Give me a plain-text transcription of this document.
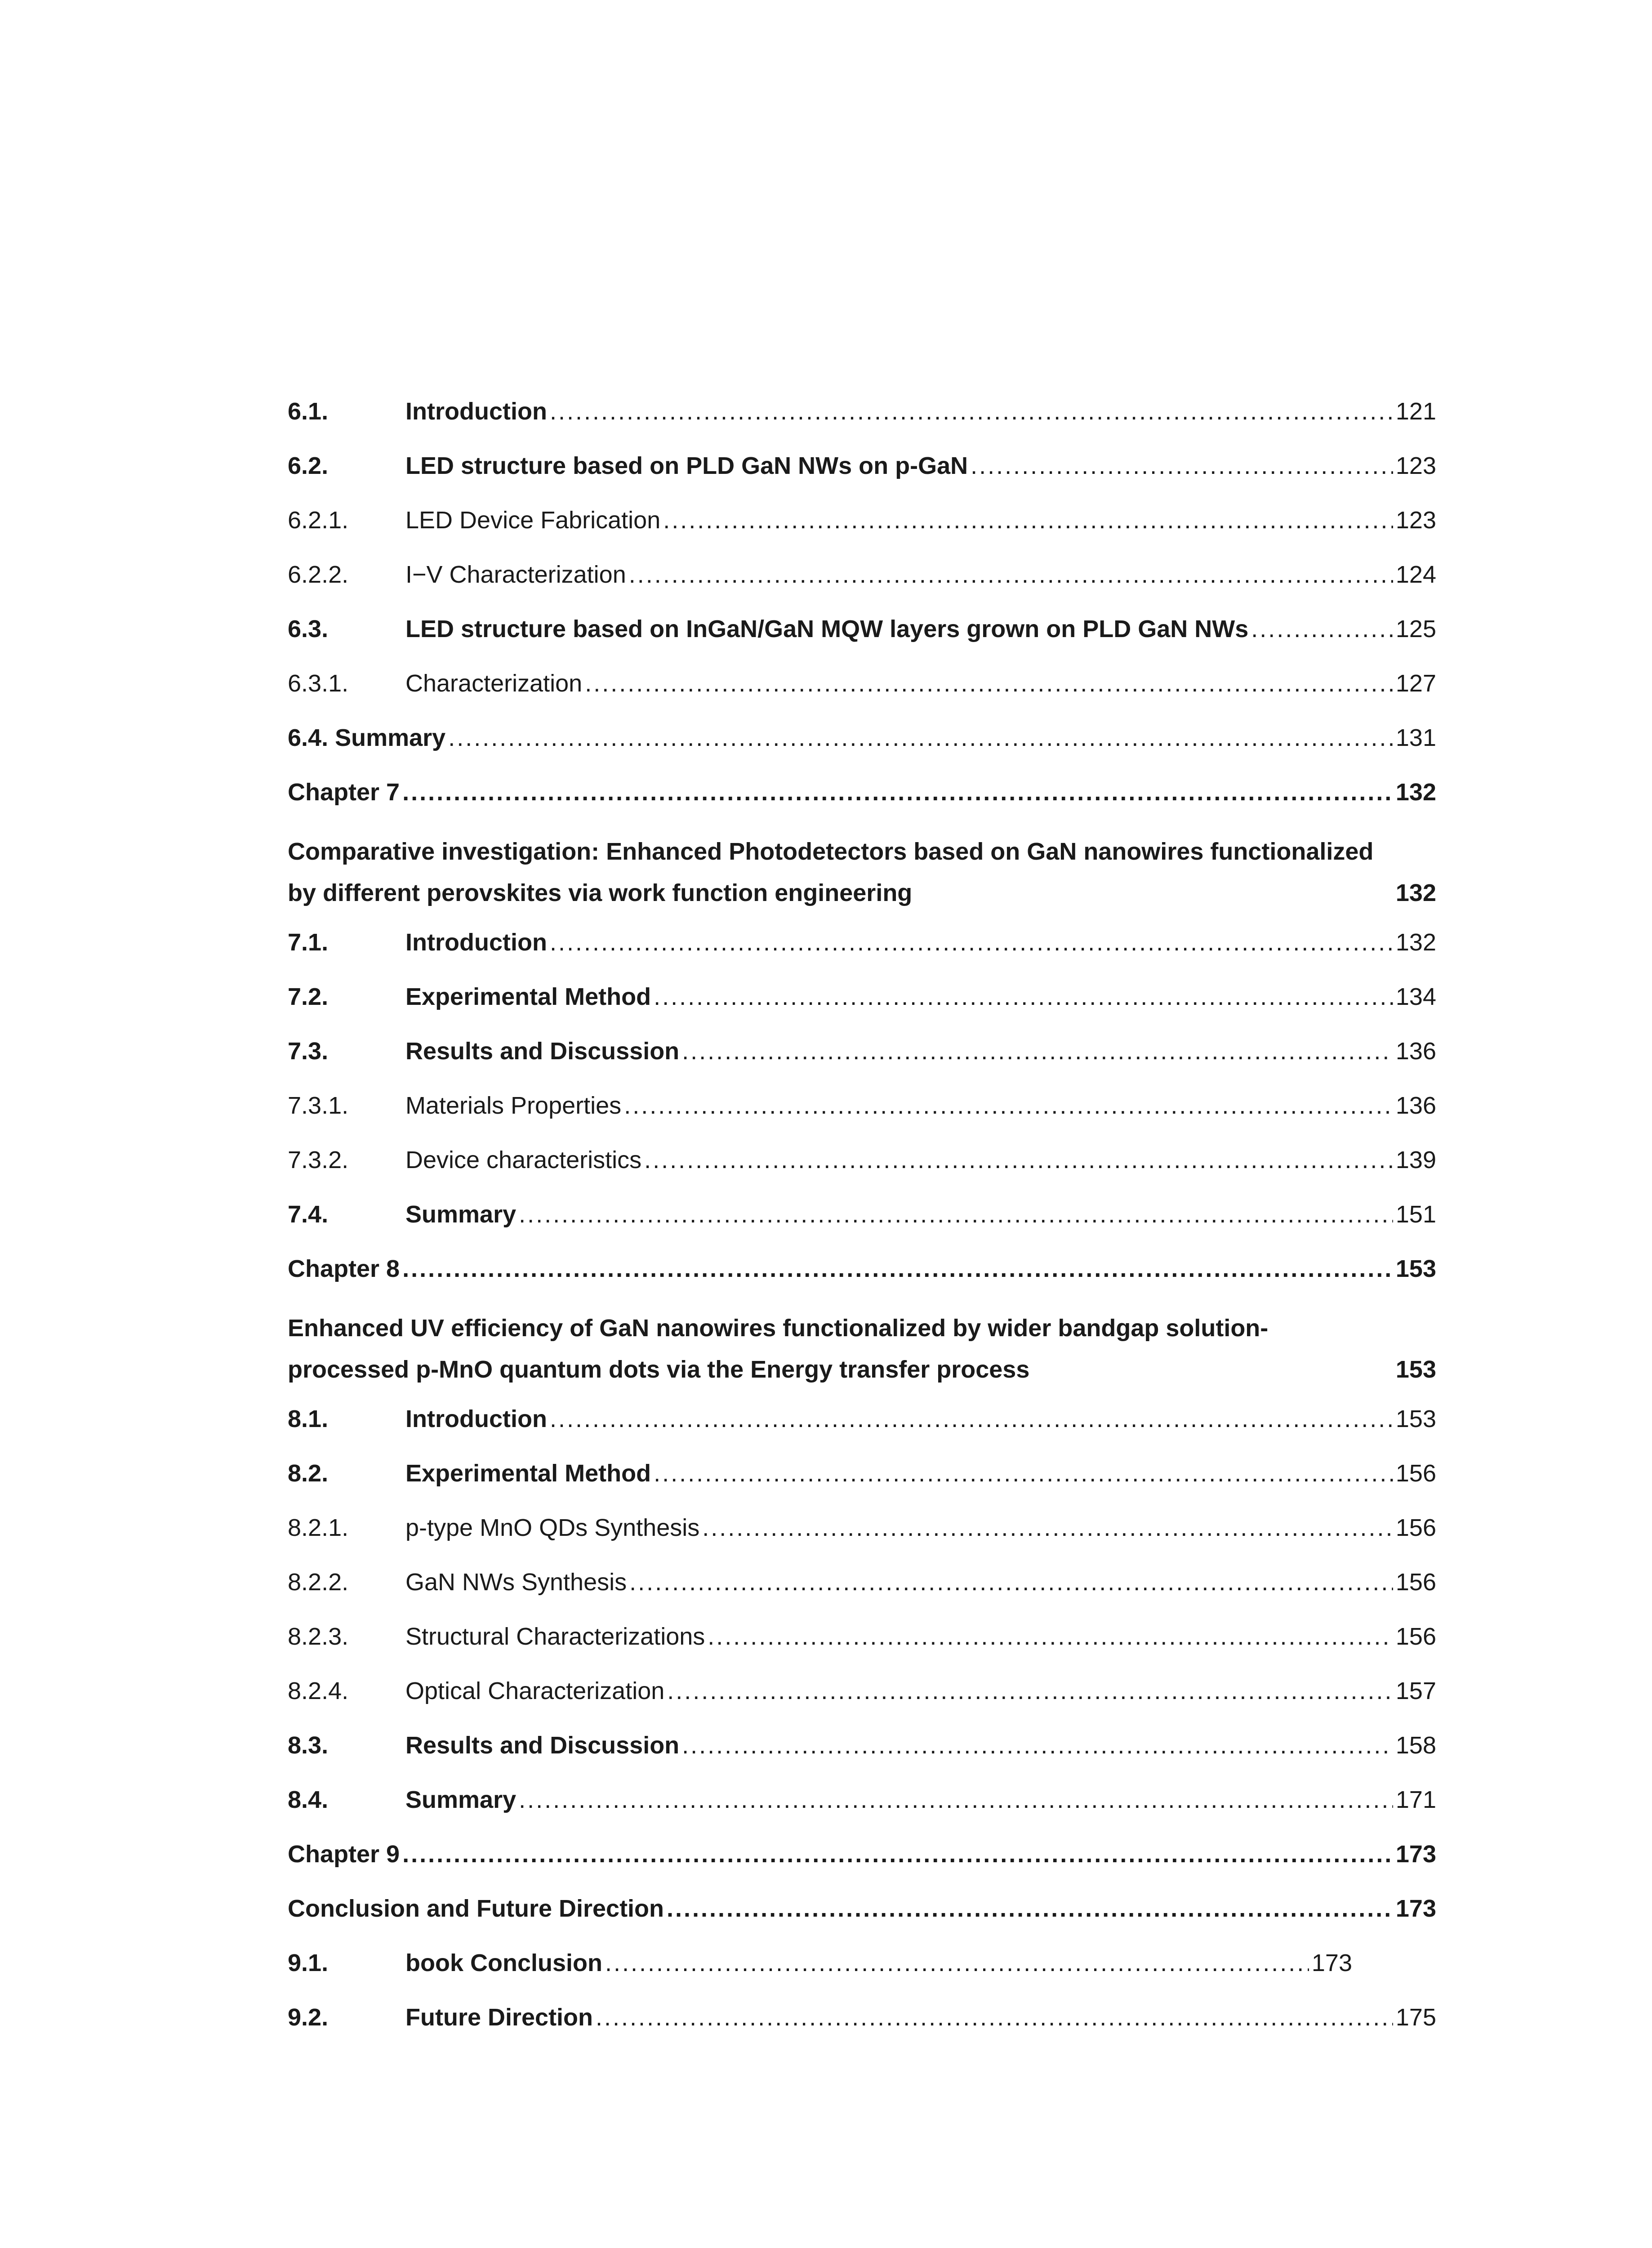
6.1.	Introduction .....	121
6.2.	LED structure based on PLD GaN NWs on p-GaN .....	123
6.2.1.	LED Device Fabrication .....	123
6.2.2.	I−V Characterization .....	124
6.3.	LED structure based on InGaN/GaN MQW layers grown on PLD GaN NWs .....	125
6.3.1.	Characterization .....	127
6.4. Summary .....	131
Chapter 7 .....	132
Comparative investigation: Enhanced Photodetectors based on GaN nanowires functionalized
by different perovskites via work function engineering	132
7.1.	Introduction .....	132
7.2.	Experimental Method .....	134
7.3.	Results and Discussion .....	136
7.3.1.	Materials Properties .....	136
7.3.2.	Device characteristics .....	139
7.4.	Summary .....	151
Chapter 8 .....	153
Enhanced UV efficiency of GaN nanowires functionalized by wider bandgap solution-
processed p-MnO quantum dots via the Energy transfer process	153
8.1.	Introduction .....	153
8.2.	Experimental Method .....	156
8.2.1.	p-type MnO QDs Synthesis .....	156
8.2.2.	GaN NWs Synthesis .....	156
8.2.3.	Structural Characterizations .....	156
8.2.4.	Optical Characterization .....	157
8.3.	Results and Discussion .....	158
8.4.	Summary .....	171
Chapter 9 .....	173
Conclusion and Future Direction .....	173
9.1.	book Conclusion .....	173
9.2.	Future Direction .....	175
